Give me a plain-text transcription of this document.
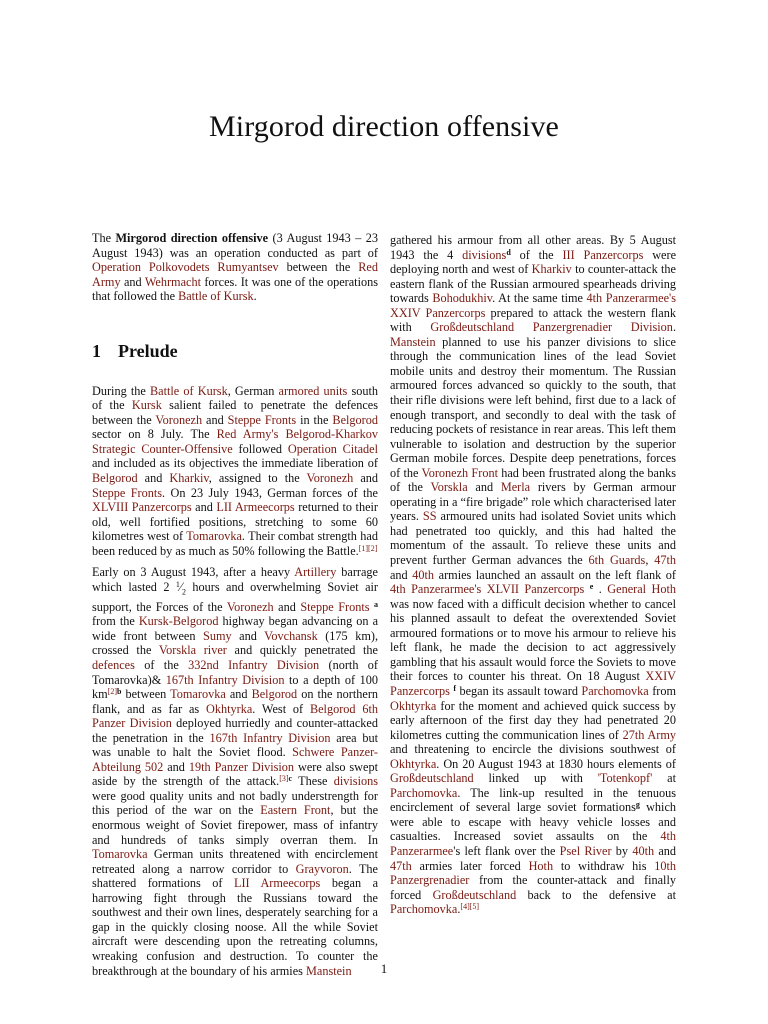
Mirgorod direction offensive

The Mirgorod direction offensive (3 August 1943 – 23 August 1943) was an operation conducted as part of Operation Polkovodets Rumyantsev between the Red Army and Wehrmacht forces. It was one of the operations that followed the Battle of Kursk.

1 Prelude

During the Battle of Kursk, German armored units south of the Kursk salient failed to penetrate the defences between the Voronezh and Steppe Fronts in the Belgorod sector on 8 July. The Red Army's Belgorod-Kharkov Strategic Counter-Offensive followed Operation Citadel and included as its objectives the immediate liberation of Belgorod and Kharkiv, assigned to the Voronezh and Steppe Fronts. On 23 July 1943, German forces of the XLVIII Panzercorps and LII Armeecorps returned to their old, well fortified positions, stretching to some 60 kilometres west of Tomarovka. Their combat strength had been reduced by as much as 50% following the Battle.[1][2]

Early on 3 August 1943, after a heavy Artillery barrage which lasted 2 $^1⁄_2$ hours and overwhelming Soviet air support, the Forces of the Voronezh and Steppe Fronts $^a$ from the Kursk-Belgorod highway began advancing on a wide front between Sumy and Vovchansk (175 km), crossed the Vorskla river and quickly penetrated the defences of the 332nd Infantry Division (north of Tomarovka)& 167th Infantry Division to a depth of 100 km$^{[2]b}$ between Tomarovka and Belgorod on the northern flank, and as far as Okhtyrka. West of Belgorod 6th Panzer Division deployed hurriedly and counter-attacked the penetration in the 167th Infantry Division area but was unable to halt the Soviet flood. Schwere Panzer-Abteilung 502 and 19th Panzer Division were also swept aside by the strength of the attack.$^{[3]c}$ These divisions were good quality units and not badly understrength for this period of the war on the Eastern Front, but the enormous weight of Soviet firepower, mass of infantry and hundreds of tanks simply overran them. In Tomarovka German units threatened with encirclement retreated along a narrow corridor to Grayvoron. The shattered formations of LII Armeecorps began a harrowing fight through the Russians toward the southwest and their own lines, desperately searching for a gap in the quickly closing noose. All the while Soviet aircraft were descending upon the retreating columns, wreaking confusion and destruction. To counter the breakthrough at the boundary of his armies Manstein

gathered his armour from all other areas. By 5 August 1943 the 4 divisions$^d$ of the III Panzercorps were deploying north and west of Kharkiv to counter-attack the eastern flank of the Russian armoured spearheads driving towards Bohodukhiv. At the same time 4th Panzerarmee's XXIV Panzercorps prepared to attack the western flank with Großdeutschland Panzergrenadier Division. Manstein planned to use his panzer divisions to slice through the communication lines of the lead Soviet mobile units and destroy their momentum. The Russian armoured forces advanced so quickly to the south, that their rifle divisions were left behind, first due to a lack of enough transport, and secondly to deal with the task of reducing pockets of resistance in rear areas. This left them vulnerable to isolation and destruction by the superior German mobile forces. Despite deep penetrations, forces of the Voronezh Front had been frustrated along the banks of the Vorskla and Merla rivers by German armour operating in a “fire brigade” role which characterised later years. SS armoured units had isolated Soviet units which had penetrated too quickly, and this had halted the momentum of the assault. To relieve these units and prevent further German advances the 6th Guards, 47th and 40th armies launched an assault on the left flank of 4th Panzerarmee's XLVII Panzercorps $^e$ . General Hoth was now faced with a difficult decision whether to cancel his planned assault to defeat the overextended Soviet armoured formations or to move his armour to relieve his left flank, he made the decision to act aggressively gambling that his assault would force the Soviets to move their forces to counter his threat. On 18 August XXIV Panzercorps $^f$ began its assault toward Parchomovka from Okhtyrka for the moment and achieved quick success by early afternoon of the first day they had penetrated 20 kilometres cutting the communication lines of 27th Army and threatening to encircle the divisions southwest of Okhtyrka. On 20 August 1943 at 1830 hours elements of Großdeutschland linked up with 'Totenkopf' at Parchomovka. The link-up resulted in the tenuous encirclement of several large soviet formations$^g$ which were able to escape with heavy vehicle losses and casualties. Increased soviet assaults on the 4th Panzerarmee's left flank over the Psel River by 40th and 47th armies later forced Hoth to withdraw his 10th Panzergrenadier from the counter-attack and finally forced Großdeutschland back to the defensive at Parchomovka.[4][5]

1
